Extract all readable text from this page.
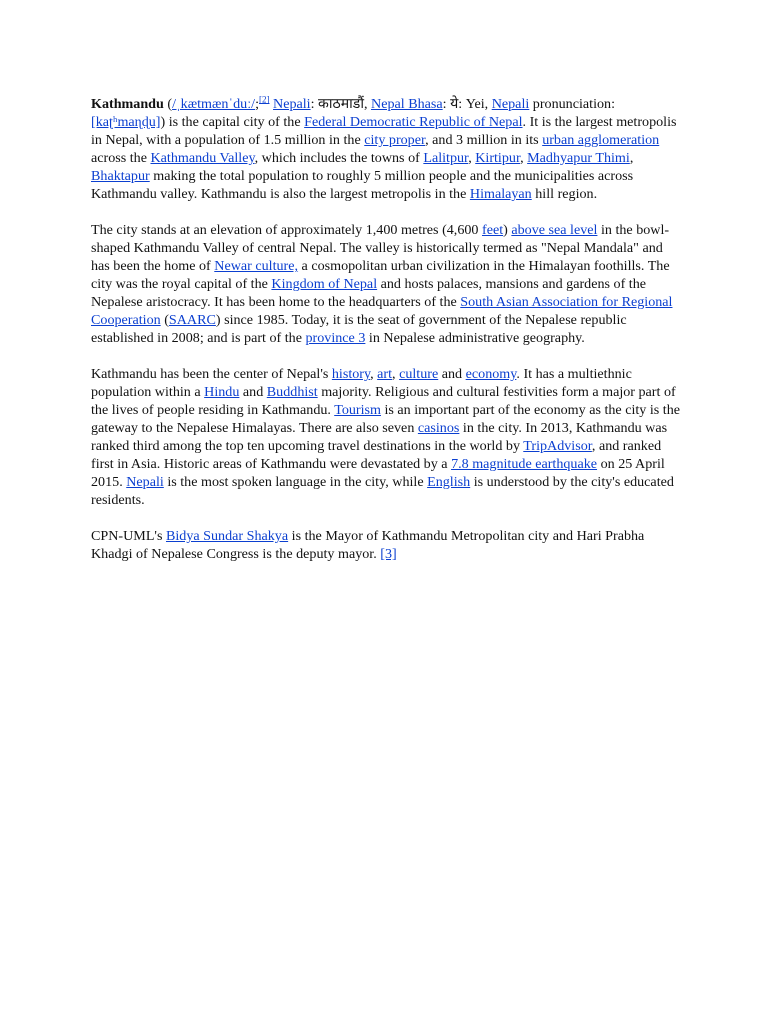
Kathmandu (/ˌkætmænˈduː/;[2] Nepali: काठमाडौं, Nepal Bhasa: ये: Yei, Nepali pronunciation: [kaʈʰmaɳɖu]) is the capital city of the Federal Democratic Republic of Nepal. It is the largest metropolis in Nepal, with a population of 1.5 million in the city proper, and 3 million in its urban agglomeration across the Kathmandu Valley, which includes the towns of Lalitpur, Kirtipur, Madhyapur Thimi, Bhaktapur making the total population to roughly 5 million people and the municipalities across Kathmandu valley. Kathmandu is also the largest metropolis in the Himalayan hill region.

The city stands at an elevation of approximately 1,400 metres (4,600 feet) above sea level in the bowl-shaped Kathmandu Valley of central Nepal. The valley is historically termed as "Nepal Mandala" and has been the home of Newar culture, a cosmopolitan urban civilization in the Himalayan foothills. The city was the royal capital of the Kingdom of Nepal and hosts palaces, mansions and gardens of the Nepalese aristocracy. It has been home to the headquarters of the South Asian Association for Regional Cooperation (SAARC) since 1985. Today, it is the seat of government of the Nepalese republic established in 2008; and is part of the province 3 in Nepalese administrative geography.

Kathmandu has been the center of Nepal's history, art, culture and economy. It has a multiethnic population within a Hindu and Buddhist majority. Religious and cultural festivities form a major part of the lives of people residing in Kathmandu. Tourism is an important part of the economy as the city is the gateway to the Nepalese Himalayas. There are also seven casinos in the city. In 2013, Kathmandu was ranked third among the top ten upcoming travel destinations in the world by TripAdvisor, and ranked first in Asia. Historic areas of Kathmandu were devastated by a 7.8 magnitude earthquake on 25 April 2015. Nepali is the most spoken language in the city, while English is understood by the city's educated residents.

CPN-UML's Bidya Sundar Shakya is the Mayor of Kathmandu Metropolitan city and Hari Prabha Khadgi of Nepalese Congress is the deputy mayor. [3]
